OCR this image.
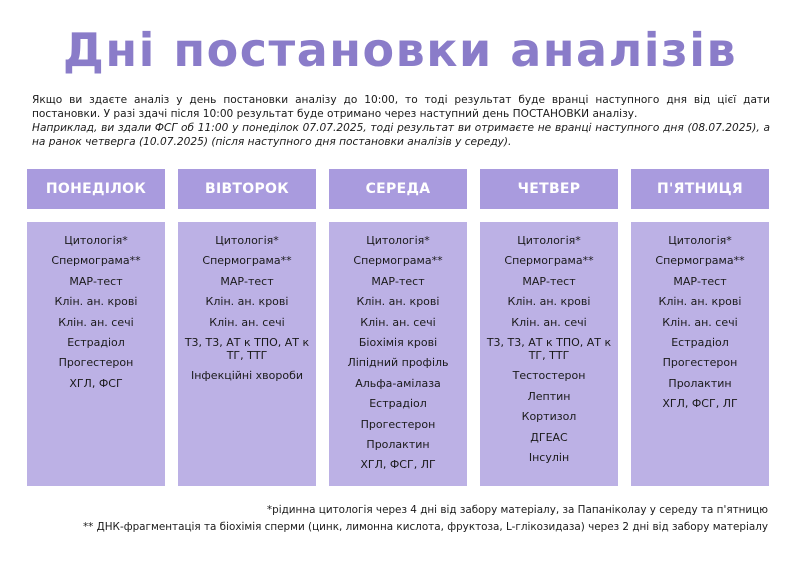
Дні постановки аналізів

Якщо ви здаєте аналіз у день постановки аналізу до 10:00, то тоді результат буде вранці наступного дня від цієї дати постановки. У разі здачі після 10:00 результат буде отримано через наступний день ПОСТАНОВКИ аналізу.

Наприклад, ви здали ФСГ об 11:00 у понеділок 07.07.2025, тоді результат ви отримаєте не вранці наступного дня (08.07.2025), а на ранок четверга (10.07.2025) (після наступного дня постановки аналізів у середу).

ПОНЕДІЛОК
Цитологія*
Спермограма**
МАР-тест
Клін. ан. крові
Клін. ан. сечі
Естрадіол
Прогестерон
ХГЛ, ФСГ
ВІВТОРОК
Цитологія*
Спермограма**
МАР-тест
Клін. ан. крові
Клін. ан. сечі
Т3, Т3, АТ к ТПО, АТ к ТГ, ТТГ
Інфекційні хвороби
СЕРЕДА
Цитологія*
Спермограма**
МАР-тест
Клін. ан. крові
Клін. ан. сечі
Біохімія крові
Ліпідний профіль
Альфа-амілаза
Естрадіол
Прогестерон
Пролактин
ХГЛ, ФСГ, ЛГ
ЧЕТВЕР
Цитологія*
Спермограма**
МАР-тест
Клін. ан. крові
Клін. ан. сечі
Т3, Т3, АТ к ТПО, АТ к ТГ, ТТГ
Тестостерон
Лептин
Кортизол
ДГЕАС
Інсулін
П'ЯТНИЦЯ
Цитологія*
Спермограма**
МАР-тест
Клін. ан. крові
Клін. ан. сечі
Естрадіол
Прогестерон
Пролактин
ХГЛ, ФСГ, ЛГ
*рідинна цитологія через 4 дні від забору матеріалу, за Папаніколау у середу та п'ятницю
** ДНК-фрагментація та біохімія сперми (цинк, лимонна кислота, фруктоза, L-глікозидаза) через 2 дні від забору матеріалу
